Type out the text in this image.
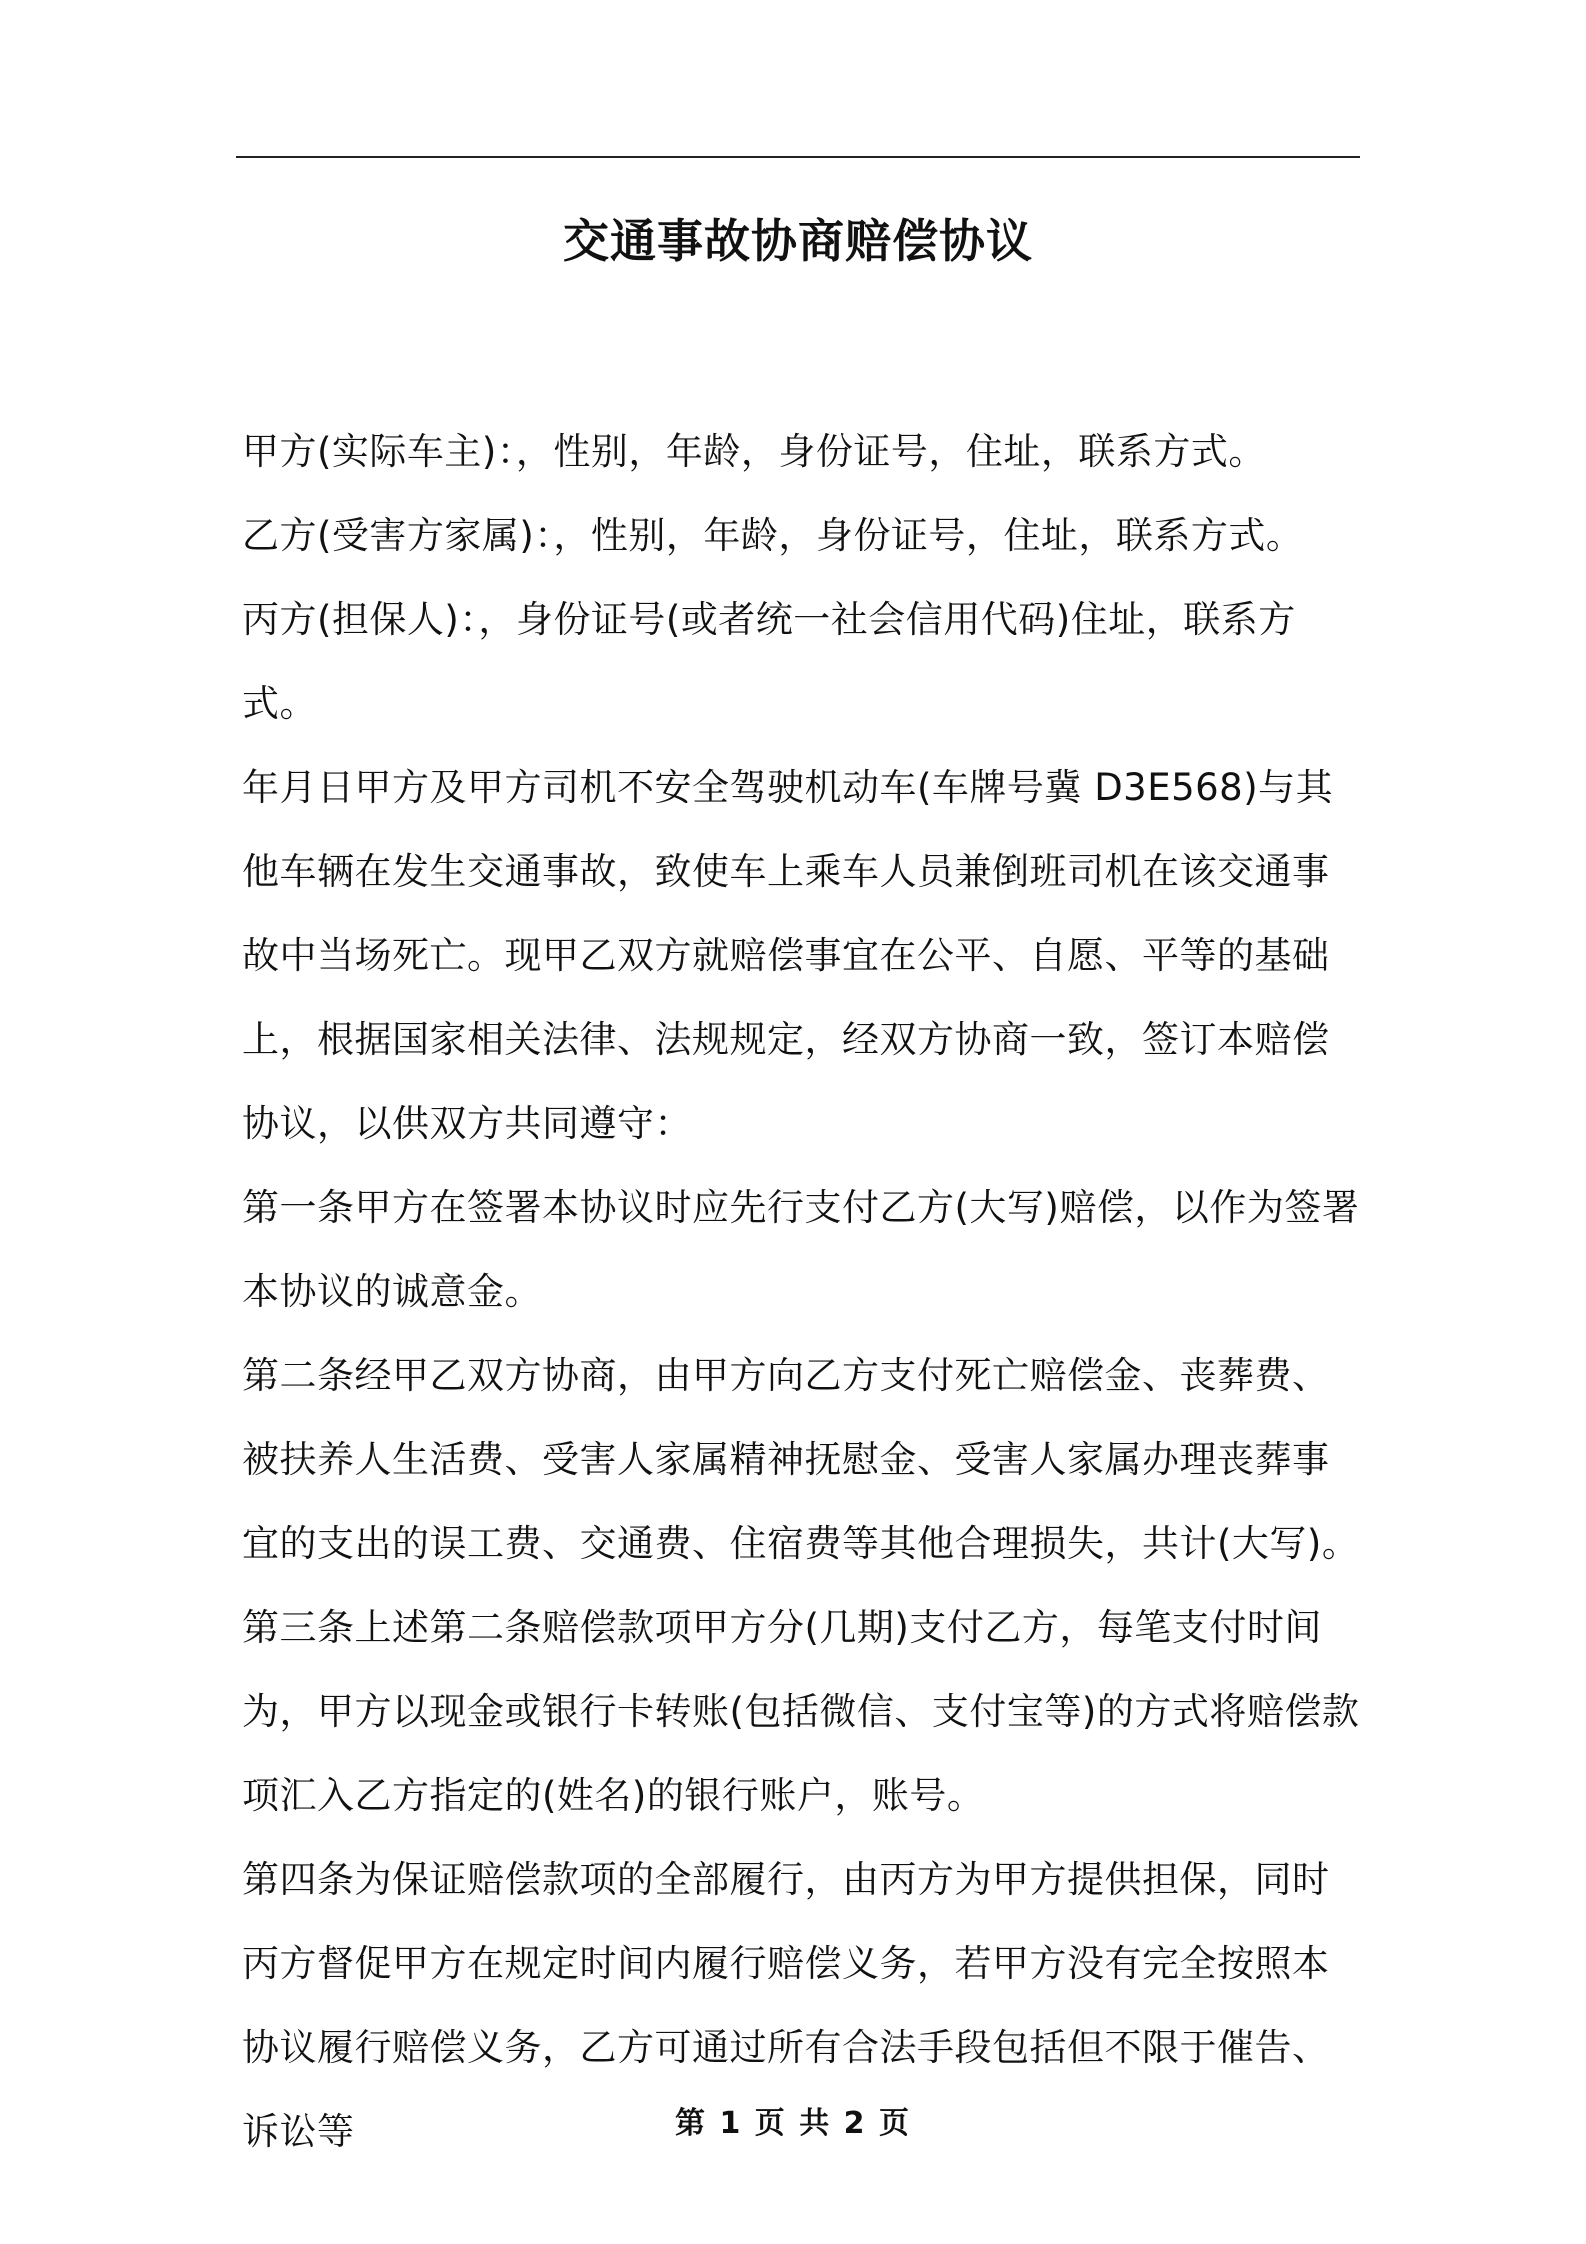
交通事故协商赔偿协议

甲方(实际车主)：，性别，年龄，身份证号，住址，联系方式。

乙方(受害方家属)：，性别，年龄，身份证号，住址，联系方式。

丙方(担保人)：，身份证号(或者统一社会信用代码)住址，联系方式。

年月日甲方及甲方司机不安全驾驶机动车(车牌号冀 D3E568)与其他车辆在发生交通事故，致使车上乘车人员兼倒班司机在该交通事故中当场死亡。现甲乙双方就赔偿事宜在公平、自愿、平等的基础上，根据国家相关法律、法规规定，经双方协商一致，签订本赔偿协议，以供双方共同遵守：

第一条甲方在签署本协议时应先行支付乙方(大写)赔偿，以作为签署本协议的诚意金。

第二条经甲乙双方协商，由甲方向乙方支付死亡赔偿金、丧葬费、被扶养人生活费、受害人家属精神抚慰金、受害人家属办理丧葬事宜的支出的误工费、交通费、住宿费等其他合理损失，共计(大写)。

第三条上述第二条赔偿款项甲方分(几期)支付乙方，每笔支付时间为，甲方以现金或银行卡转账(包括微信、支付宝等)的方式将赔偿款项汇入乙方指定的(姓名)的银行账户，账号。

第四条为保证赔偿款项的全部履行，由丙方为甲方提供担保，同时丙方督促甲方在规定时间内履行赔偿义务，若甲方没有完全按照本协议履行赔偿义务，乙方可通过所有合法手段包括但不限于催告、诉讼等	第 1 页 共 2 页
